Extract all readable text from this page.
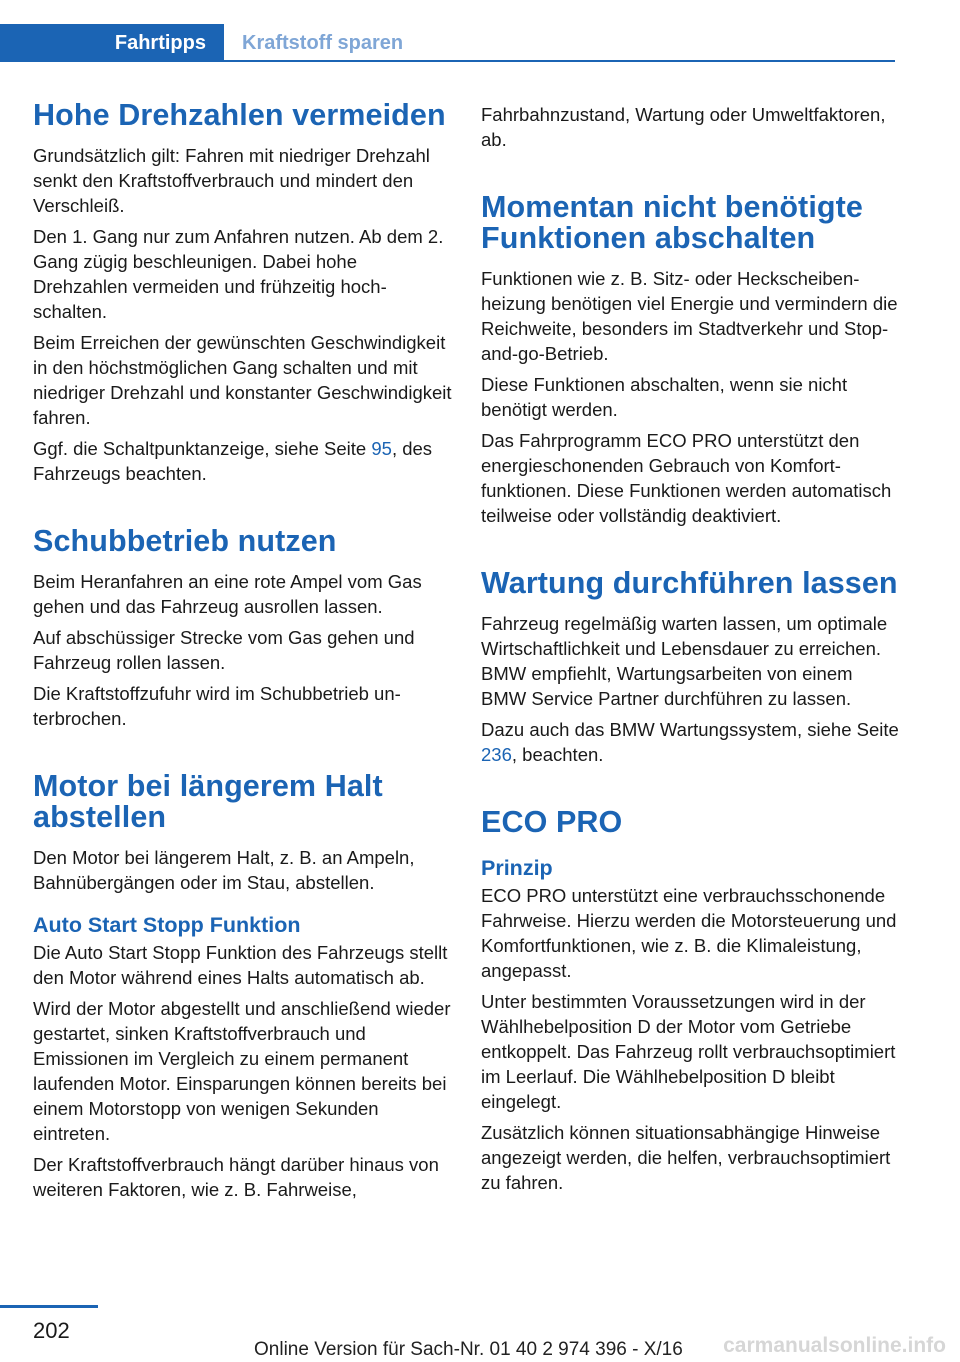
Fahrtipps	Kraftstoff sparen
Hohe Drehzahlen vermeiden

Grundsätzlich gilt: Fahren mit niedriger Drehzahl senkt den Kraftstoffverbrauch und mindert den Verschleiß.

Den 1. Gang nur zum Anfahren nutzen. Ab dem 2. Gang zügig beschleunigen. Dabei hohe Drehzahlen vermeiden und frühzeitig hochschalten.

Beim Erreichen der gewünschten Geschwindigkeit in den höchstmöglichen Gang schalten und mit niedriger Drehzahl und konstanter Geschwindigkeit fahren.

Ggf. die Schaltpunktanzeige, siehe Seite 95, des Fahrzeugs beachten.

Schubbetrieb nutzen

Beim Heranfahren an eine rote Ampel vom Gas gehen und das Fahrzeug ausrollen lassen.

Auf abschüssiger Strecke vom Gas gehen und Fahrzeug rollen lassen.

Die Kraftstoffzufuhr wird im Schubbetrieb unterbrochen.

Motor bei längerem Halt abstellen

Den Motor bei längerem Halt, z. B. an Ampeln, Bahnübergängen oder im Stau, abstellen.

Auto Start Stopp Funktion

Die Auto Start Stopp Funktion des Fahrzeugs stellt den Motor während eines Halts automatisch ab.

Wird der Motor abgestellt und anschließend wieder gestartet, sinken Kraftstoffverbrauch und Emissionen im Vergleich zu einem permanent laufenden Motor. Einsparungen können bereits bei einem Motorstopp von wenigen Sekunden eintreten.

Der Kraftstoffverbrauch hängt darüber hinaus von weiteren Faktoren, wie z. B. Fahrweise,

Fahrbahnzustand, Wartung oder Umweltfaktoren, ab.

Momentan nicht benötigte Funktionen abschalten

Funktionen wie z. B. Sitz- oder Heckscheibenheizung benötigen viel Energie und vermindern die Reichweite, besonders im Stadtverkehr und Stop-and-go-Betrieb.

Diese Funktionen abschalten, wenn sie nicht benötigt werden.

Das Fahrprogramm ECO PRO unterstützt den energieschonenden Gebrauch von Komfortfunktionen. Diese Funktionen werden automatisch teilweise oder vollständig deaktiviert.

Wartung durchführen lassen

Fahrzeug regelmäßig warten lassen, um optimale Wirtschaftlichkeit und Lebensdauer zu erreichen. BMW empfiehlt, Wartungsarbeiten von einem BMW Service Partner durchführen zu lassen.

Dazu auch das BMW Wartungssystem, siehe Seite 236, beachten.

ECO PRO
Prinzip

ECO PRO unterstützt eine verbrauchsschonende Fahrweise. Hierzu werden die Motorsteuerung und Komfortfunktionen, wie z. B. die Klimaleistung, angepasst.

Unter bestimmten Voraussetzungen wird in der Wählhebelposition D der Motor vom Getriebe entkoppelt. Das Fahrzeug rollt verbrauchsoptimiert im Leerlauf. Die Wählhebelposition D bleibt eingelegt.

Zusätzlich können situationsabhängige Hinweise angezeigt werden, die helfen, verbrauchsoptimiert zu fahren.

202
Online Version für Sach-Nr. 01 40 2 974 396 - X/16 carmanualsonline.info
